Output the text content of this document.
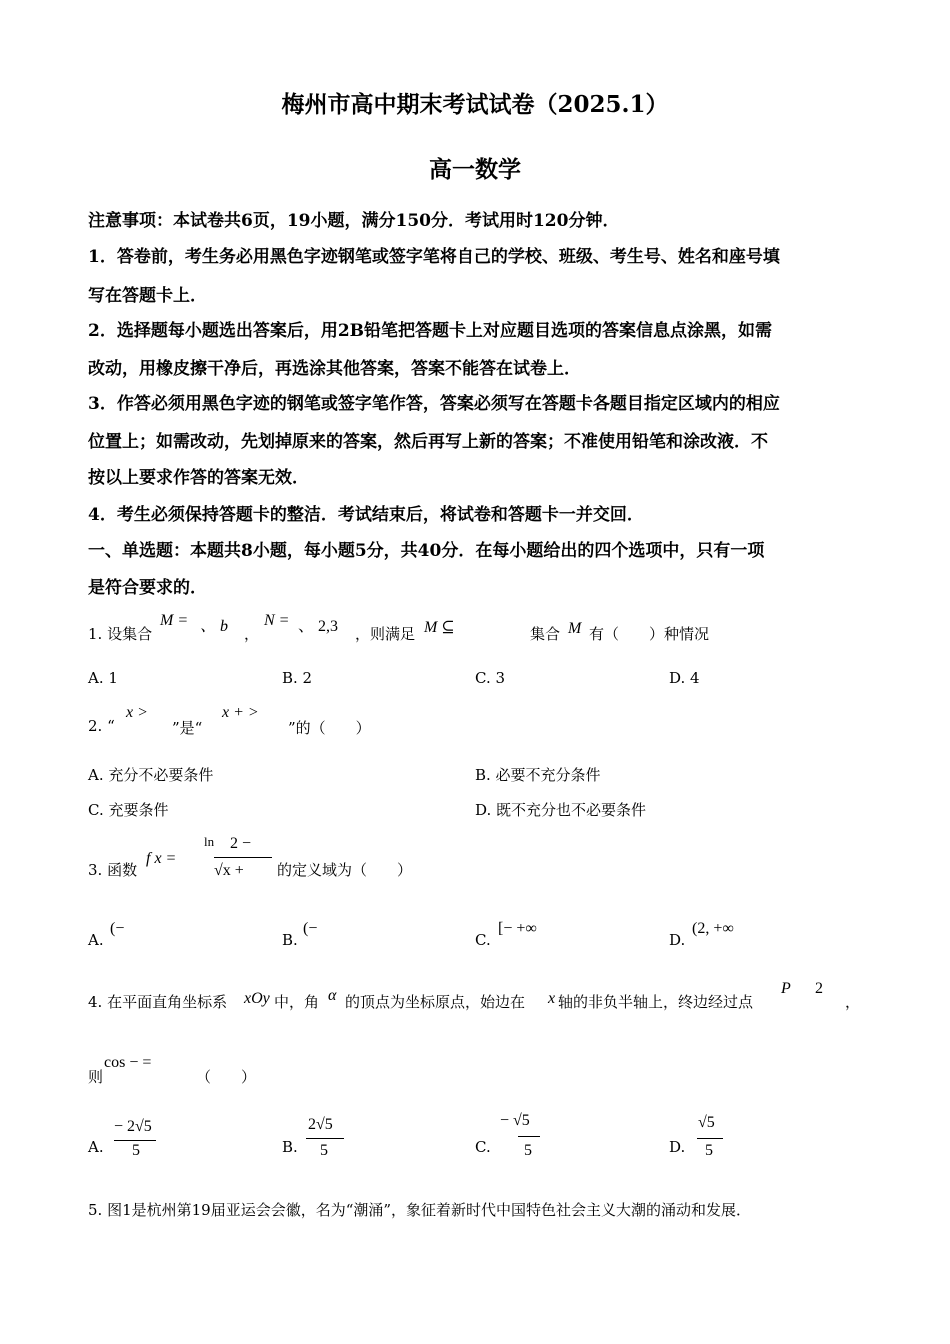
梅州市高中期末考试试卷（2025.1）
高一数学
注意事项：本试卷共6页，19小题，满分150分．考试用时120分钟．
1．答卷前，考生务必用黑色字迹钢笔或签字笔将自己的学校、班级、考生号、姓名和座号填
写在答题卡上．
2．选择题每小题选出答案后，用2B铅笔把答题卡上对应题目选项的答案信息点涂黑，如需
改动，用橡皮擦干净后，再选涂其他答案，答案不能答在试卷上．
3．作答必须用黑色字迹的钢笔或签字笔作答，答案必须写在答题卡各题目指定区域内的相应
位置上；如需改动，先划掉原来的答案，然后再写上新的答案；不准使用铅笔和涂改液．不
按以上要求作答的答案无效．
4．考生必须保持答题卡的整洁．考试结束后，将试卷和答题卡一并交回．
一、单选题：本题共8小题，每小题5分，共40分．在每小题给出的四个选项中，只有一项
是符合要求的．
1. 设集合
M = 、 b ，
N = 、 2,3 ，则满足 M ⊆	集合 M 有（　　）种情况
A. 1	B. 2	C. 3	D. 4
2. “
x >
”是“
x + >
”的（　　）
A. 充分不必要条件	B. 必要不充分条件
C. 充要条件	D. 既不充分也不必要条件
3. 函数
f x =
ln 2 −
√x + 的定义域为（　　）
A.
(−
B.
(−
C.
[− +∞
D.
(2, +∞
4. 在平面直角坐标系 xOy 中，角 α 的顶点为坐标原点，始边在 x 轴的非负半轴上，终边经过点
P 2
，
则
cos − =
（　　）
A.
− 2√5
5	B.
2√5
5	C.
− √5
5	D.
√5
5
5. 图1是杭州第19届亚运会会徽，名为“潮涌”，象征着新时代中国特色社会主义大潮的涌动和发展．
